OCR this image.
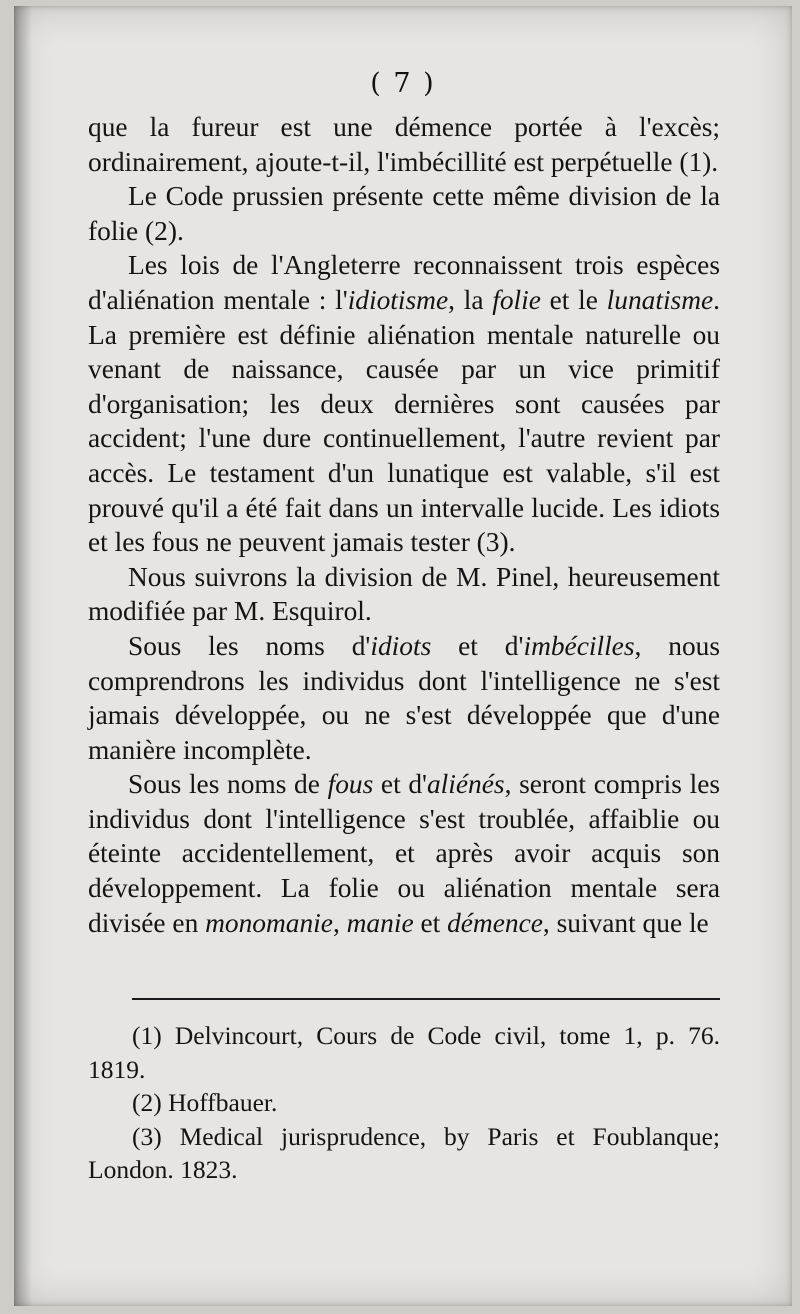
( 7 )

que la fureur est une démence portée à l'excès; ordinairement, ajoute-t-il, l'imbécillité est perpétuelle (1).

Le Code prussien présente cette même division de la folie (2).

Les lois de l'Angleterre reconnaissent trois espèces d'aliénation mentale : l'idiotisme, la folie et le lunatisme. La première est définie aliénation mentale naturelle ou venant de naissance, causée par un vice primitif d'organisation; les deux dernières sont causées par accident; l'une dure continuellement, l'autre revient par accès. Le testament d'un lunatique est valable, s'il est prouvé qu'il a été fait dans un intervalle lucide. Les idiots et les fous ne peuvent jamais tester (3).

Nous suivrons la division de M. Pinel, heureusement modifiée par M. Esquirol.

Sous les noms d'idiots et d'imbécilles, nous comprendrons les individus dont l'intelligence ne s'est jamais développée, ou ne s'est développée que d'une manière incomplète.

Sous les noms de fous et d'aliénés, seront compris les individus dont l'intelligence s'est troublée, affaiblie ou éteinte accidentellement, et après avoir acquis son développement. La folie ou aliénation mentale sera divisée en monomanie, manie et démence, suivant que le

(1) Delvincourt, Cours de Code civil, tome 1, p. 76. 1819.

(2) Hoffbauer.

(3) Medical jurisprudence, by Paris et Foublanque; London. 1823.
